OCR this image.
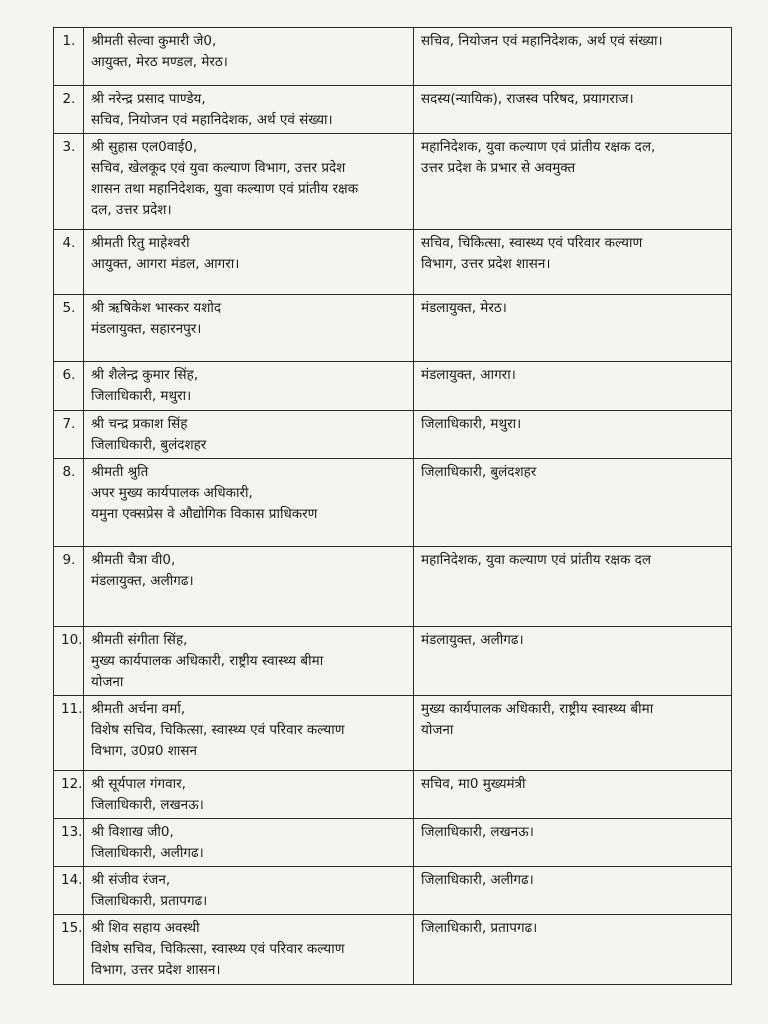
1.	श्रीमती सेल्वा कुमारी जे0,
आयुक्त, मेरठ मण्डल, मेरठ।	सचिव, नियोजन एवं महानिदेशक, अर्थ एवं संख्या।

2.	श्री नरेन्द्र प्रसाद पाण्डेय,
सचिव, नियोजन एवं महानिदेशक, अर्थ एवं संख्या।	सदस्य(न्यायिक), राजस्व परिषद, प्रयागराज।

3.	श्री सुहास एल0वाई0,
सचिव, खेलकूद एवं युवा कल्याण विभाग, उत्तर प्रदेश
शासन तथा महानिदेशक, युवा कल्याण एवं प्रांतीय रक्षक
दल, उत्तर प्रदेश।	महानिदेशक, युवा कल्याण एवं प्रांतीय रक्षक दल,
उत्तर प्रदेश के प्रभार से अवमुक्त

4.	श्रीमती रितु माहेश्वरी
आयुक्त, आगरा मंडल, आगरा।	सचिव, चिकित्सा, स्वास्थ्य एवं परिवार कल्याण
विभाग, उत्तर प्रदेश शासन।

5.	श्री ऋषिकेश भास्कर यशोद
मंडलायुक्त, सहारनपुर।	मंडलायुक्त, मेरठ।

6.	श्री शैलेन्द्र कुमार सिंह,
जिलाधिकारी, मथुरा।	मंडलायुक्त, आगरा।

7.	श्री चन्द्र प्रकाश सिंह
जिलाधिकारी, बुलंदशहर	जिलाधिकारी, मथुरा।

8.	श्रीमती श्रुति
अपर मुख्य कार्यपालक अधिकारी,
यमुना एक्सप्रेस वे औद्योगिक विकास प्राधिकरण	जिलाधिकारी, बुलंदशहर

9.	श्रीमती चैत्रा वी0,
मंडलायुक्त, अलीगढ।	महानिदेशक, युवा कल्याण एवं प्रांतीय रक्षक दल

10.	श्रीमती संगीता सिंह,
मुख्य कार्यपालक अधिकारी, राष्ट्रीय स्वास्थ्य बीमा
योजना	मंडलायुक्त, अलीगढ।

11.	श्रीमती अर्चना वर्मा,
विशेष सचिव, चिकित्सा, स्वास्थ्य एवं परिवार कल्याण
विभाग, उ0प्र0 शासन	मुख्य कार्यपालक अधिकारी, राष्ट्रीय स्वास्थ्य बीमा
योजना

12.	श्री सूर्यपाल गंगवार,
जिलाधिकारी, लखनऊ।	सचिव, मा0 मुख्यमंत्री

13.	श्री विशाख जी0,
जिलाधिकारी, अलीगढ।	जिलाधिकारी, लखनऊ।

14.	श्री संजीव रंजन,
जिलाधिकारी, प्रतापगढ।	जिलाधिकारी, अलीगढ।

15.	श्री शिव सहाय अवस्थी
विशेष सचिव, चिकित्सा, स्वास्थ्य एवं परिवार कल्याण
विभाग, उत्तर प्रदेश शासन।	जिलाधिकारी, प्रतापगढ।
